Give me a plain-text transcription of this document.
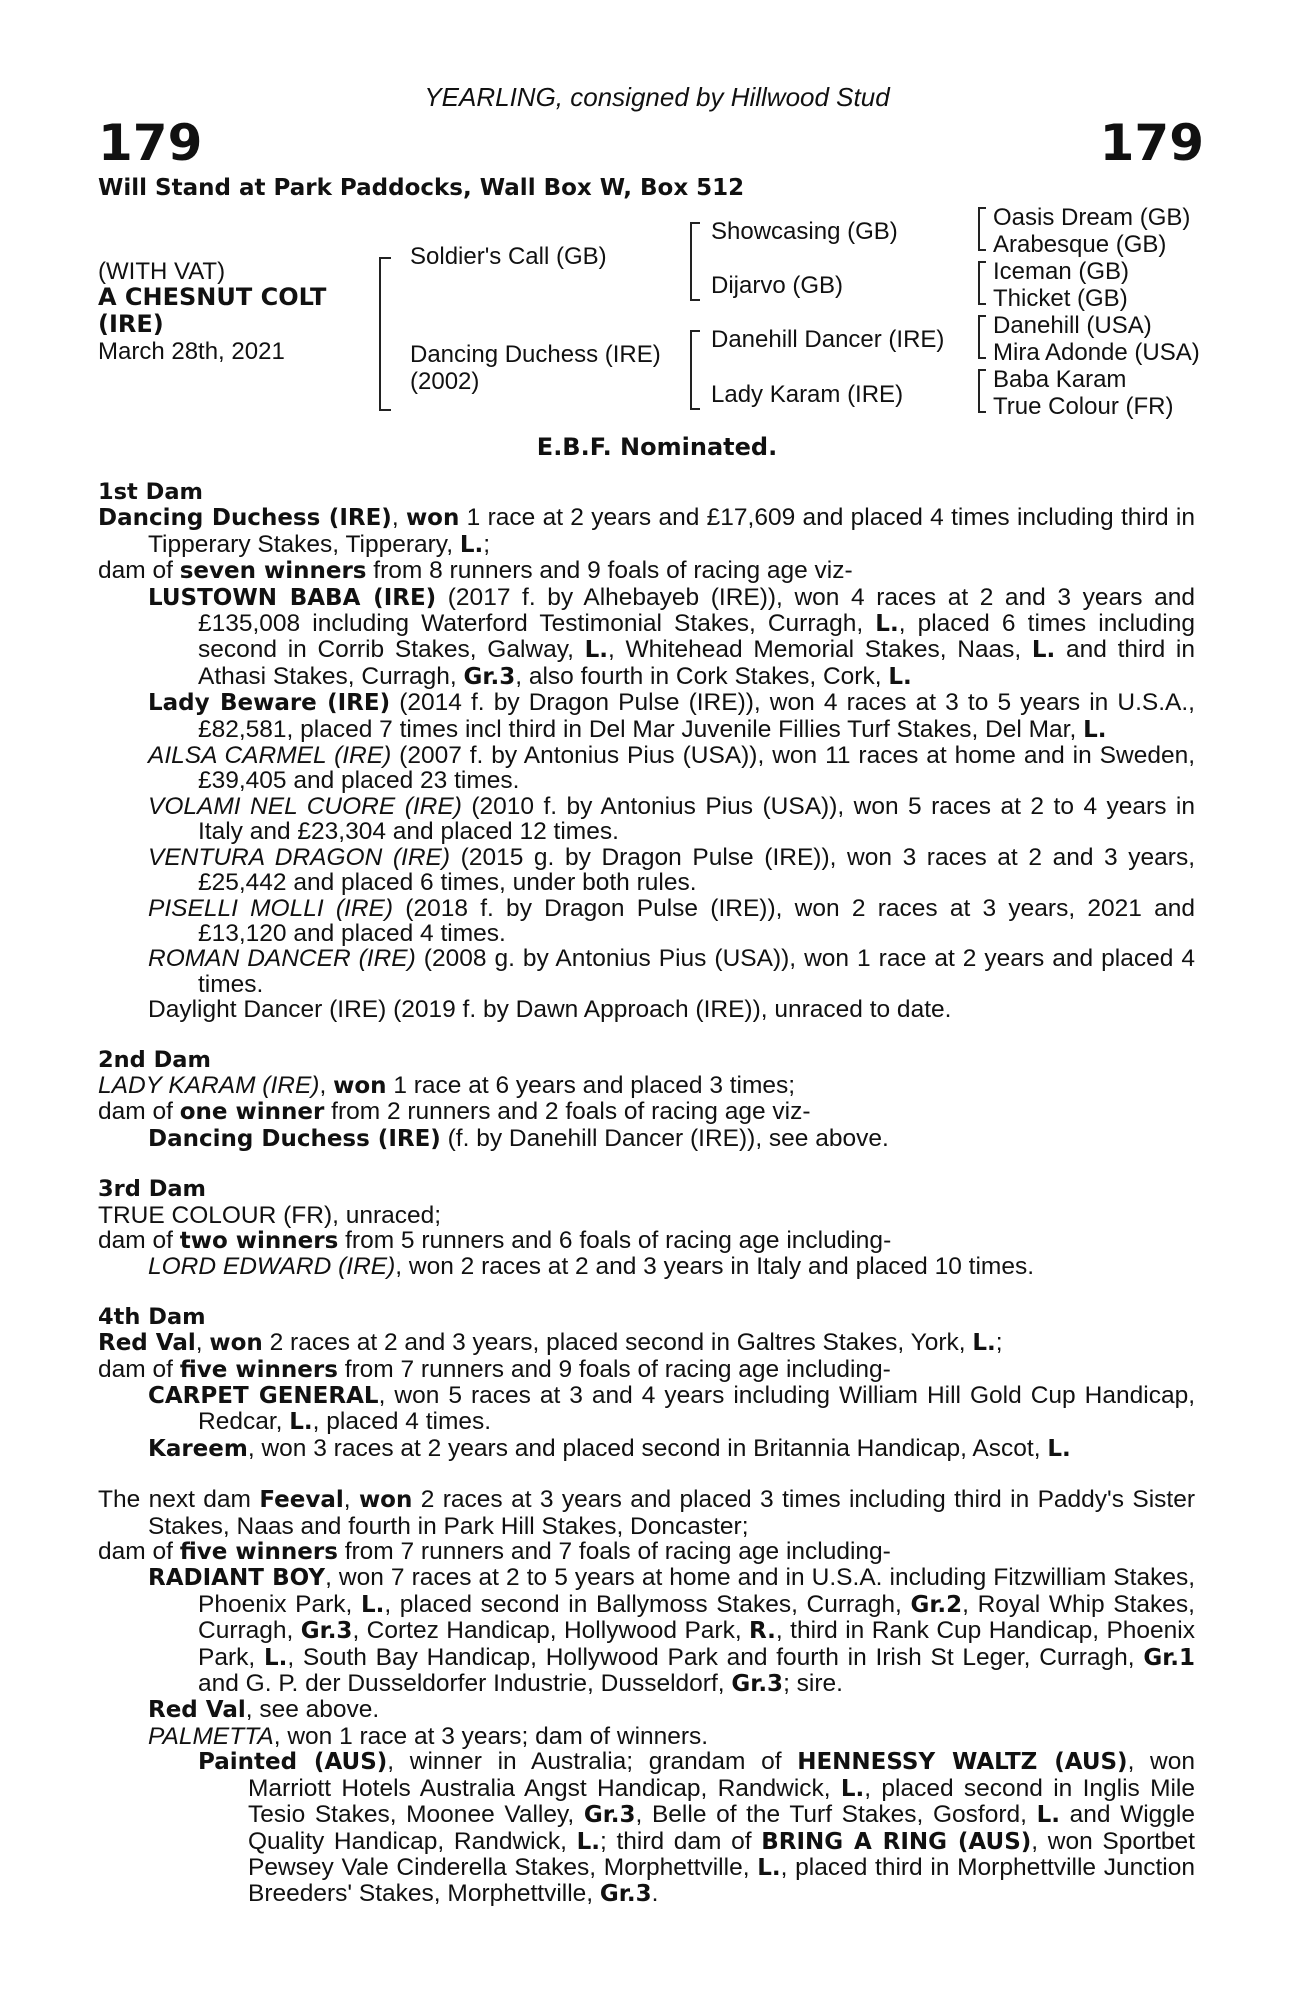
YEARLING, consigned by Hillwood Stud
179	179
Will Stand at Park Paddocks, Wall Box W, Box 512
(WITH VAT)
A CHESNUT COLT
(IRE)
March 28th, 2021
Soldier's Call (GB)
Dancing Duchess (IRE)
(2002)
Showcasing (GB)
Dijarvo (GB)
Danehill Dancer (IRE)
Lady Karam (IRE)
Oasis Dream (GB)
Arabesque (GB)
Iceman (GB)
Thicket (GB)
Danehill (USA)
Mira Adonde (USA)
Baba Karam
True Colour (FR)
E.B.F. Nominated.
1st Dam
Dancing Duchess (IRE), won 1 race at 2 years and £17,609 and placed 4 times including third in Tipperary Stakes, Tipperary, L.;
dam of seven winners from 8 runners and 9 foals of racing age viz-
LUSTOWN BABA (IRE) (2017 f. by Alhebayeb (IRE)), won 4 races at 2 and 3 years and £135,008 including Waterford Testimonial Stakes, Curragh, L., placed 6 times including second in Corrib Stakes, Galway, L., Whitehead Memorial Stakes, Naas, L. and third in Athasi Stakes, Curragh, Gr.3, also fourth in Cork Stakes, Cork, L.
Lady Beware (IRE) (2014 f. by Dragon Pulse (IRE)), won 4 races at 3 to 5 years in U.S.A., £82,581, placed 7 times incl third in Del Mar Juvenile Fillies Turf Stakes, Del Mar, L.
AILSA CARMEL (IRE) (2007 f. by Antonius Pius (USA)), won 11 races at home and in Sweden, £39,405 and placed 23 times.
VOLAMI NEL CUORE (IRE) (2010 f. by Antonius Pius (USA)), won 5 races at 2 to 4 years in Italy and £23,304 and placed 12 times.
VENTURA DRAGON (IRE) (2015 g. by Dragon Pulse (IRE)), won 3 races at 2 and 3 years, £25,442 and placed 6 times, under both rules.
PISELLI MOLLI (IRE) (2018 f. by Dragon Pulse (IRE)), won 2 races at 3 years, 2021 and £13,120 and placed 4 times.
ROMAN DANCER (IRE) (2008 g. by Antonius Pius (USA)), won 1 race at 2 years and placed 4 times.
Daylight Dancer (IRE) (2019 f. by Dawn Approach (IRE)), unraced to date.
2nd Dam
LADY KARAM (IRE), won 1 race at 6 years and placed 3 times;
dam of one winner from 2 runners and 2 foals of racing age viz-
Dancing Duchess (IRE) (f. by Danehill Dancer (IRE)), see above.
3rd Dam
TRUE COLOUR (FR), unraced;
dam of two winners from 5 runners and 6 foals of racing age including-
LORD EDWARD (IRE), won 2 races at 2 and 3 years in Italy and placed 10 times.
4th Dam
Red Val, won 2 races at 2 and 3 years, placed second in Galtres Stakes, York, L.;
dam of five winners from 7 runners and 9 foals of racing age including-
CARPET GENERAL, won 5 races at 3 and 4 years including William Hill Gold Cup Handicap, Redcar, L., placed 4 times.
Kareem, won 3 races at 2 years and placed second in Britannia Handicap, Ascot, L.
The next dam Feeval, won 2 races at 3 years and placed 3 times including third in Paddy's Sister Stakes, Naas and fourth in Park Hill Stakes, Doncaster;
dam of five winners from 7 runners and 7 foals of racing age including-
RADIANT BOY, won 7 races at 2 to 5 years at home and in U.S.A. including Fitzwilliam Stakes, Phoenix Park, L., placed second in Ballymoss Stakes, Curragh, Gr.2, Royal Whip Stakes, Curragh, Gr.3, Cortez Handicap, Hollywood Park, R., third in Rank Cup Handicap, Phoenix Park, L., South Bay Handicap, Hollywood Park and fourth in Irish St Leger, Curragh, Gr.1 and G. P. der Dusseldorfer Industrie, Dusseldorf, Gr.3; sire.
Red Val, see above.
PALMETTA, won 1 race at 3 years; dam of winners.
Painted (AUS), winner in Australia; grandam of HENNESSY WALTZ (AUS), won Marriott Hotels Australia Angst Handicap, Randwick, L., placed second in Inglis Mile Tesio Stakes, Moonee Valley, Gr.3, Belle of the Turf Stakes, Gosford, L. and Wiggle Quality Handicap, Randwick, L.; third dam of BRING A RING (AUS), won Sportbet Pewsey Vale Cinderella Stakes, Morphettville, L., placed third in Morphettville Junction Breeders' Stakes, Morphettville, Gr.3.
